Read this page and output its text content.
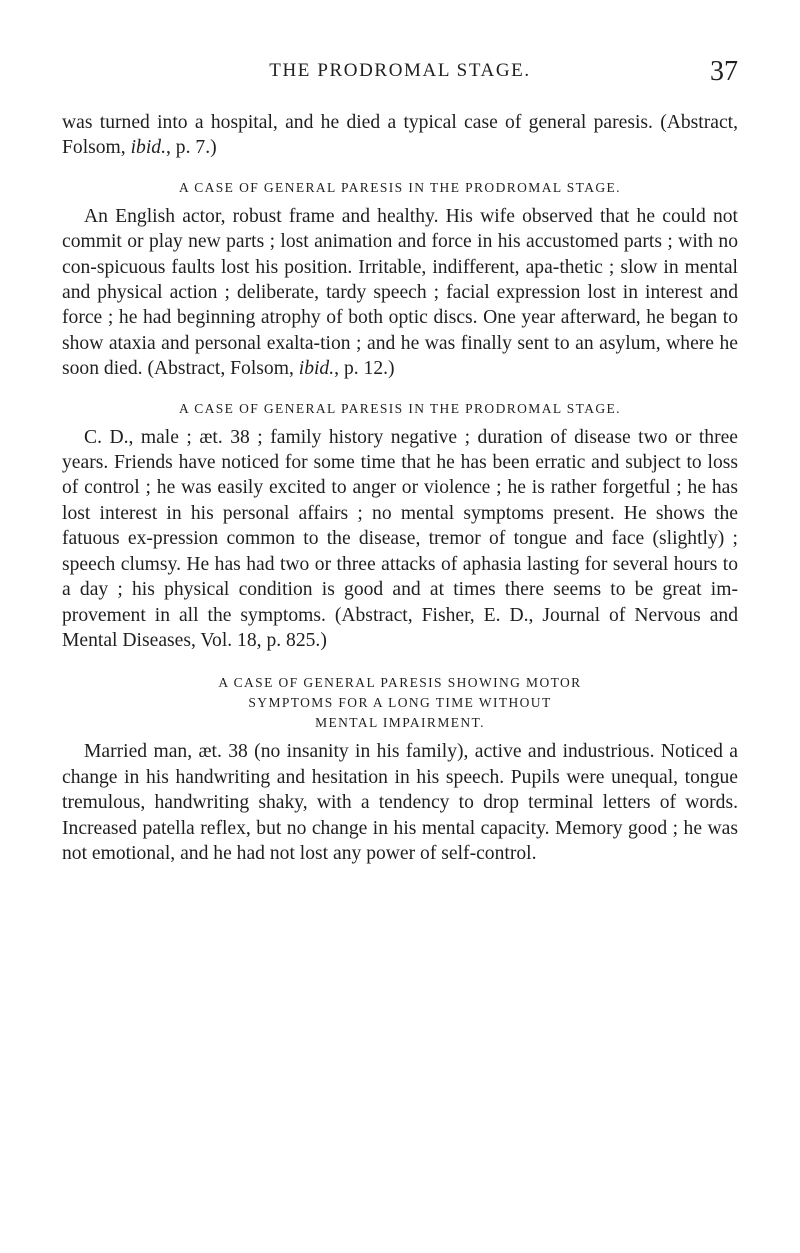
THE PRODROMAL STAGE.	37

was turned into a hospital, and he died a typical case of general paresis. (Abstract, Folsom, ibid., p. 7.)

A CASE OF GENERAL PARESIS IN THE PRODROMAL STAGE.

An English actor, robust frame and healthy. His wife observed that he could not commit or play new parts ; lost animation and force in his accustomed parts ; with no con-spicuous faults lost his position. Irritable, indifferent, apa-thetic ; slow in mental and physical action ; deliberate, tardy speech ; facial expression lost in interest and force ; he had beginning atrophy of both optic discs. One year afterward, he began to show ataxia and personal exalta-tion ; and he was finally sent to an asylum, where he soon died. (Abstract, Folsom, ibid., p. 12.)

A CASE OF GENERAL PARESIS IN THE PRODROMAL STAGE.

C. D., male ; æt. 38 ; family history negative ; duration of disease two or three years. Friends have noticed for some time that he has been erratic and subject to loss of control ; he was easily excited to anger or violence ; he is rather forgetful ; he has lost interest in his personal affairs ; no mental symptoms present. He shows the fatuous ex-pression common to the disease, tremor of tongue and face (slightly) ; speech clumsy. He has had two or three attacks of aphasia lasting for several hours to a day ; his physical condition is good and at times there seems to be great im-provement in all the symptoms. (Abstract, Fisher, E. D., Journal of Nervous and Mental Diseases, Vol. 18, p. 825.)

A CASE OF GENERAL PARESIS SHOWING MOTOR
SYMPTOMS FOR A LONG TIME WITHOUT
MENTAL IMPAIRMENT.

Married man, æt. 38 (no insanity in his family), active and industrious. Noticed a change in his handwriting and hesitation in his speech. Pupils were unequal, tongue tremulous, handwriting shaky, with a tendency to drop terminal letters of words. Increased patella reflex, but no change in his mental capacity. Memory good ; he was not emotional, and he had not lost any power of self-control.
